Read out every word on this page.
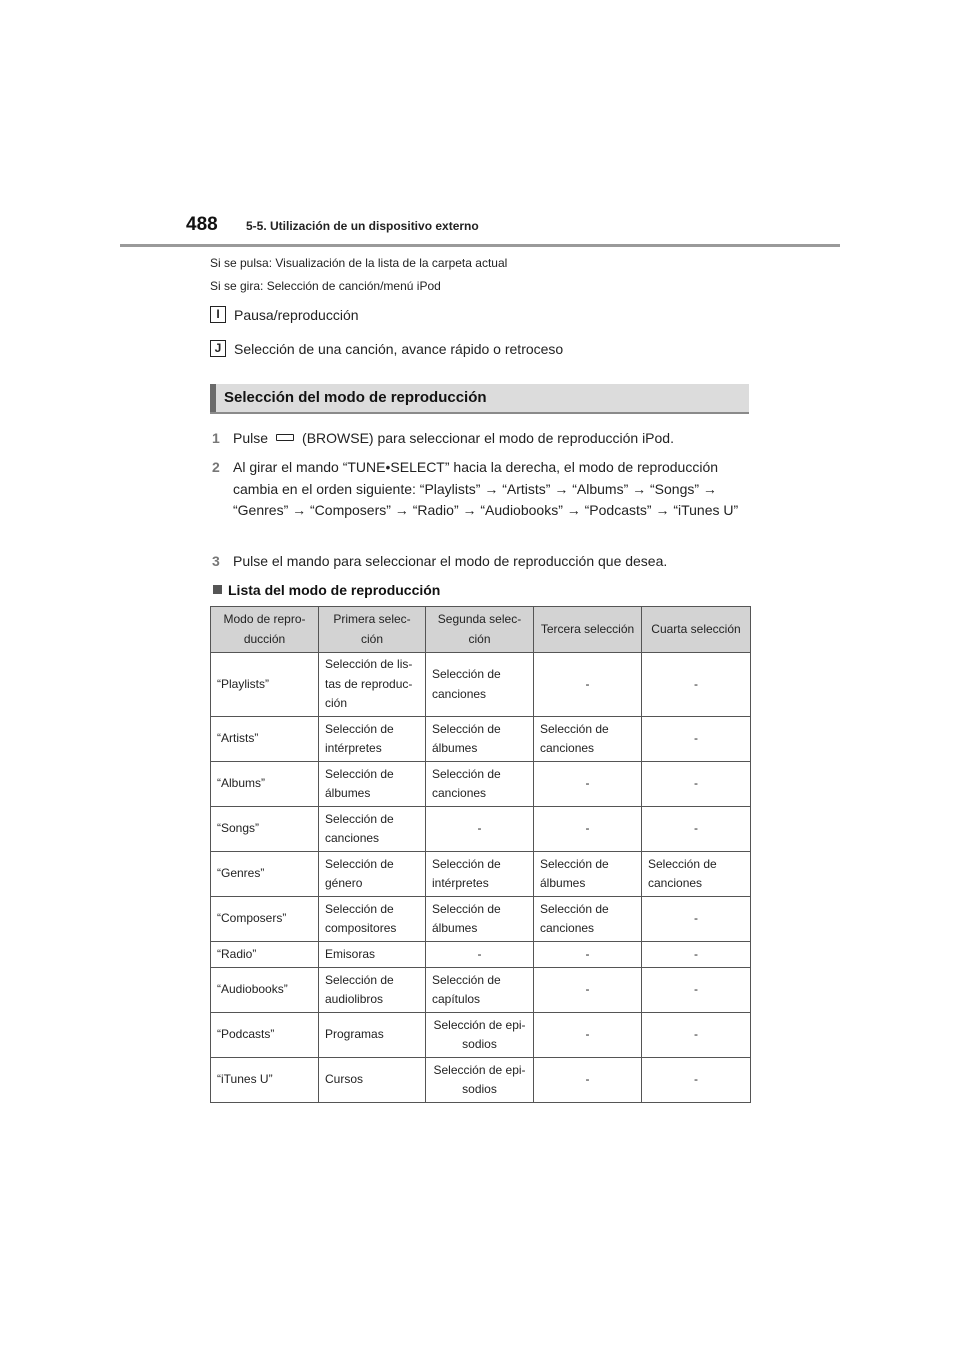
488 5-5. Utilización de un dispositivo externo
Si se pulsa: Visualización de la lista de la carpeta actual
Si se gira: Selección de canción/menú iPod
I	Pausa/reproducción
J Selección de una canción, avance rápido o retroceso
Selección del modo de reproducción
1 Pulse (BROWSE) para seleccionar el modo de reproducción iPod.
2 Al girar el mando “TUNE•SELECT” hacia la derecha, el modo de reproducción cambia en el orden siguiente: “Playlists” → “Artists” → “Albums” → “Songs” → “Genres” → “Composers” → “Radio” → “Audiobooks” → “Podcasts” → “iTunes U”
3 Pulse el mando para seleccionar el modo de reproducción que desea.
Lista del modo de reproducción
Modo de repro-ducción	Primera selec-ción	Segunda selec-ción	Tercera selección	Cuarta selección
“Playlists”	Selección de lis-tas de reproduc-ción	Selección de canciones	-	-
“Artists”	Selección de intérpretes	Selección de álbumes	Selección de canciones	-
“Albums”	Selección de álbumes	Selección de canciones	-	-
“Songs”	Selección de canciones	-	-	-
“Genres”	Selección de género	Selección de intérpretes	Selección de álbumes	Selección de canciones
“Composers”	Selección de compositores	Selección de álbumes	Selección de canciones	-
“Radio”	Emisoras	-	-	-
“Audiobooks”	Selección de audiolibros	Selección de capítulos	-	-
“Podcasts”	Programas	Selección de epi-sodios	-	-
“iTunes U”	Cursos	Selección de epi-sodios	-	-
